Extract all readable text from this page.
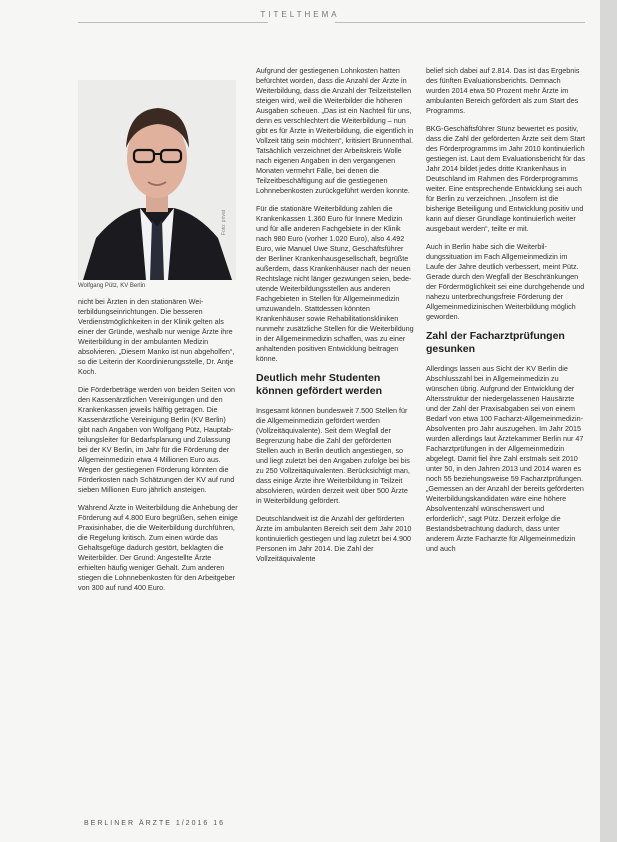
TITELTHEMA
Foto: privat
Wolfgang Pütz, KV Berlin

nicht bei Ärzten in den stationären Weiterbildungseinrichtungen. Die besseren Verdienstmöglichkeiten in der Klinik gelten als einer der Gründe, weshalb nur wenige Ärzte ihre Weiterbildung in der ambulanten Medizin absolvieren. „Diesem Manko ist nun abgeholfen“, so die Leiterin der Koordinierungsstelle, Dr. Antje Koch.

Die Förderbeträge werden von beiden Seiten von den Kassenärztlichen Vereinigungen und den Krankenkassen jeweils hälftig getragen. Die Kassenärztliche Vereinigung Berlin (KV Berlin) gibt nach Angaben von Wolfgang Pütz, Hauptabteilungsleiter für Bedarfsplanung und Zulassung bei der KV Berlin, im Jahr für die Förderung der Allgemeinmedizin etwa 4 Millionen Euro aus. Wegen der gestiegenen Förderung könnten die Förderkosten nach Schätzungen der KV auf rund sieben Millionen Euro jährlich ansteigen.

Während Ärzte in Weiterbildung die Anhebung der Förderung auf 4.800 Euro begrüßen, sehen einige Praxisinhaber, die die Weiterbildung durchführen, die Regelung kritisch. Zum einen würde das Gehaltsgefüge dadurch gestört, beklagten die Weiterbilder. Der Grund: Angestellte Ärzte erhielten häufig weniger Gehalt. Zum anderen stiegen die Lohnnebenkosten für den Arbeitgeber von 300 auf rund 400 Euro.

Aufgrund der gestiegenen Lohnkosten hatten befürchtet worden, dass die Anzahl der Ärzte in Weiterbildung, dass die Anzahl der Teilzeitstellen steigen wird, weil die Weiterbilder die höheren Ausgaben scheuen. „Das ist ein Nachteil für uns, denn es verschlechtert die Weiterbildung – nun gibt es für Ärzte in Weiterbildung, die eigentlich in Vollzeit tätig sein möchten“, kritisiert Brunnenthal. Tatsächlich verzeichnet der Arbeitskreis Wolle nach eigenen Angaben in den vergangenen Monaten vermehrt Fälle, bei denen die Teilzeitbeschäftigung auf die gestiegenen Lohnnebenkosten zurückgeführt werden konnte.

Für die stationäre Weiterbildung zahlen die Krankenkassen 1.360 Euro für Innere Medizin und für alle anderen Fachgebiete in der Klinik nach 980 Euro (vorher 1.020 Euro), also 4.492 Euro, wie Manuel Uwe Stunz, Geschäftsführer der Berliner Krankenhausgesellschaft, begrüßte außerdem, dass Krankenhäuser nach der neuen Rechtslage nicht länger gezwungen seien, bedeutende Weiterbildungsstellen aus anderen Fachgebieten in Stellen für Allgemeinmedizin umzuwandeln. Stattdessen könnten Krankenhäuser sowie Rehabilitationskliniken nunmehr zusätzliche Stellen für die Weiterbildung in der Allgemeinmedizin schaffen, was zu einer anhaltenden positiven Entwicklung beitragen könne.

Deutlich mehr Studenten können gefördert werden

Insgesamt können bundesweit 7.500 Stellen für die Allgemeinmedizin gefördert werden (Vollzeitäquivalente). Seit dem Wegfall der Begrenzung habe die Zahl der geförderten Stellen auch in Berlin deutlich angestiegen, so und liegt zuletzt bei den Angaben zufolge bei bis zu 250 Vollzeitäquivalenten. Berücksichtigt man, dass einige Ärzte ihre Weiterbildung in Teilzeit absolvieren, würden derzeit weit über 500 Ärzte in Weiterbildung gefördert.

Deutschlandweit ist die Anzahl der geförderten Ärzte im ambulanten Bereich seit dem Jahr 2010 kontinuierlich gestiegen und lag zuletzt bei 4.900 Personen im Jahr 2014. Die Zahl der Vollzeitäquivalente

belief sich dabei auf 2.814. Das ist das Ergebnis des fünften Evaluationsberichts. Demnach wurden 2014 etwa 50 Prozent mehr Ärzte im ambulanten Bereich gefördert als zum Start des Programms.

BKG-Geschäftsführer Stunz bewertet es positiv, dass die Zahl der geförderten Ärzte seit dem Start des Förderprogramms im Jahr 2010 kontinuierlich gestiegen ist. Laut dem Evaluationsbericht für das Jahr 2014 bildet jedes dritte Krankenhaus in Deutschland im Rahmen des Förderprogramms weiter. Eine entsprechende Entwicklung sei auch für Berlin zu verzeichnen. „Insofern ist die bisherige Beteiligung und Entwicklung positiv und kann auf dieser Grundlage kontinuierlich weiter ausgebaut werden“, teilte er mit.

Auch in Berlin habe sich die Weiterbildungssituation im Fach Allgemeinmedizin im Laufe der Jahre deutlich verbessert, meint Pütz. Gerade durch den Wegfall der Beschränkungen der Fördermöglichkeit sei eine durchgehende und nahezu unterbrechungsfreie Förderung der Allgemeinmedizinischen Weiterbildung möglich geworden.

Zahl der Facharztprüfungen gesunken

Allerdings lassen aus Sicht der KV Berlin die Abschlusszahl bei in Allgemeinmedizin zu wünschen übrig. Aufgrund der Entwicklung der Altersstruktur der niedergelassenen Hausärzte und der Zahl der Praxisabgaben sei von einem Bedarf von etwa 100 Facharzt-Allgemeinmedizin-Absolventen pro Jahr auszugehen. Im Jahr 2015 wurden allerdings laut Ärztekammer Berlin nur 47 Facharztprüfungen in der Allgemeinmedizin abgelegt. Damit fiel ihre Zahl erstmals seit 2010 unter 50, in den Jahren 2013 und 2014 waren es noch 55 beziehungsweise 59 Facharztprüfungen. „Gemessen an der Anzahl der bereits geförderten Weiterbildungskandidaten wäre eine höhere Absolventenzahl wünschenswert und erforderlich“, sagt Pütz. Derzeit erfolge die Bestandsbetrachtung dadurch, dass unter anderem Ärzte Facharzte für Allgemeinmedizin und auch

BERLINER ÄRZTE 1/2016 16
